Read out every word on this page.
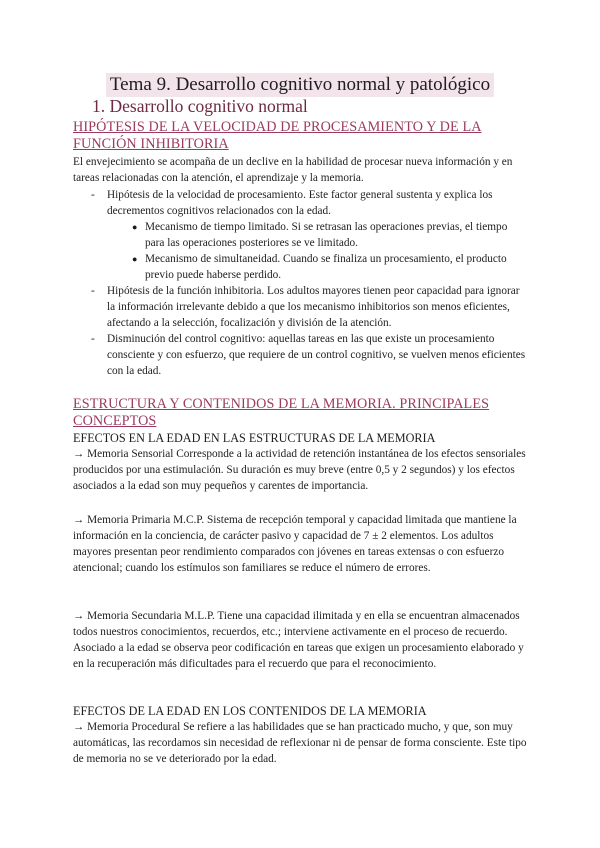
Tema 9. Desarrollo cognitivo normal y patológico
1. Desarrollo cognitivo normal
HIPÓTESIS DE LA VELOCIDAD DE PROCESAMIENTO Y DE LA FUNCIÓN INHIBITORIA
El envejecimiento se acompaña de un declive en la habilidad de procesar nueva información y en tareas relacionadas con la atención, el aprendizaje y la memoria.
- Hipótesis de la velocidad de procesamiento. Este factor general sustenta y explica los decrementos cognitivos relacionados con la edad.
● Mecanismo de tiempo limitado. Si se retrasan las operaciones previas, el tiempo para las operaciones posteriores se ve limitado.
● Mecanismo de simultaneidad. Cuando se finaliza un procesamiento, el producto previo puede haberse perdido.
- Hipótesis de la función inhibitoria. Los adultos mayores tienen peor capacidad para ignorar la información irrelevante debido a que los mecanismo inhibitorios son menos eficientes, afectando a la selección, focalización y división de la atención.
- Disminución del control cognitivo: aquellas tareas en las que existe un procesamiento consciente y con esfuerzo, que requiere de un control cognitivo, se vuelven menos eficientes con la edad.
ESTRUCTURA Y CONTENIDOS DE LA MEMORIA. PRINCIPALES CONCEPTOS
EFECTOS EN LA EDAD EN LAS ESTRUCTURAS DE LA MEMORIA
→ Memoria Sensorial Corresponde a la actividad de retención instantánea de los efectos sensoriales producidos por una estimulación. Su duración es muy breve (entre 0,5 y 2 segundos) y los efectos asociados a la edad son muy pequeños y carentes de importancia.
→ Memoria Primaria M.C.P. Sistema de recepción temporal y capacidad limitada que mantiene la información en la conciencia, de carácter pasivo y capacidad de 7 ± 2 elementos. Los adultos mayores presentan peor rendimiento comparados con jóvenes en tareas extensas o con esfuerzo atencional; cuando los estímulos son familiares se reduce el número de errores.
→ Memoria Secundaria M.L.P. Tiene una capacidad ilimitada y en ella se encuentran almacenados todos nuestros conocimientos, recuerdos, etc.; interviene activamente en el proceso de recuerdo. Asociado a la edad se observa peor codificación en tareas que exigen un procesamiento elaborado y en la recuperación más dificultades para el recuerdo que para el reconocimiento.
EFECTOS DE LA EDAD EN LOS CONTENIDOS DE LA MEMORIA
→ Memoria Procedural Se refiere a las habilidades que se han practicado mucho, y que, son muy automáticas, las recordamos sin necesidad de reflexionar ni de pensar de forma consciente. Este tipo de memoria no se ve deteriorado por la edad.
